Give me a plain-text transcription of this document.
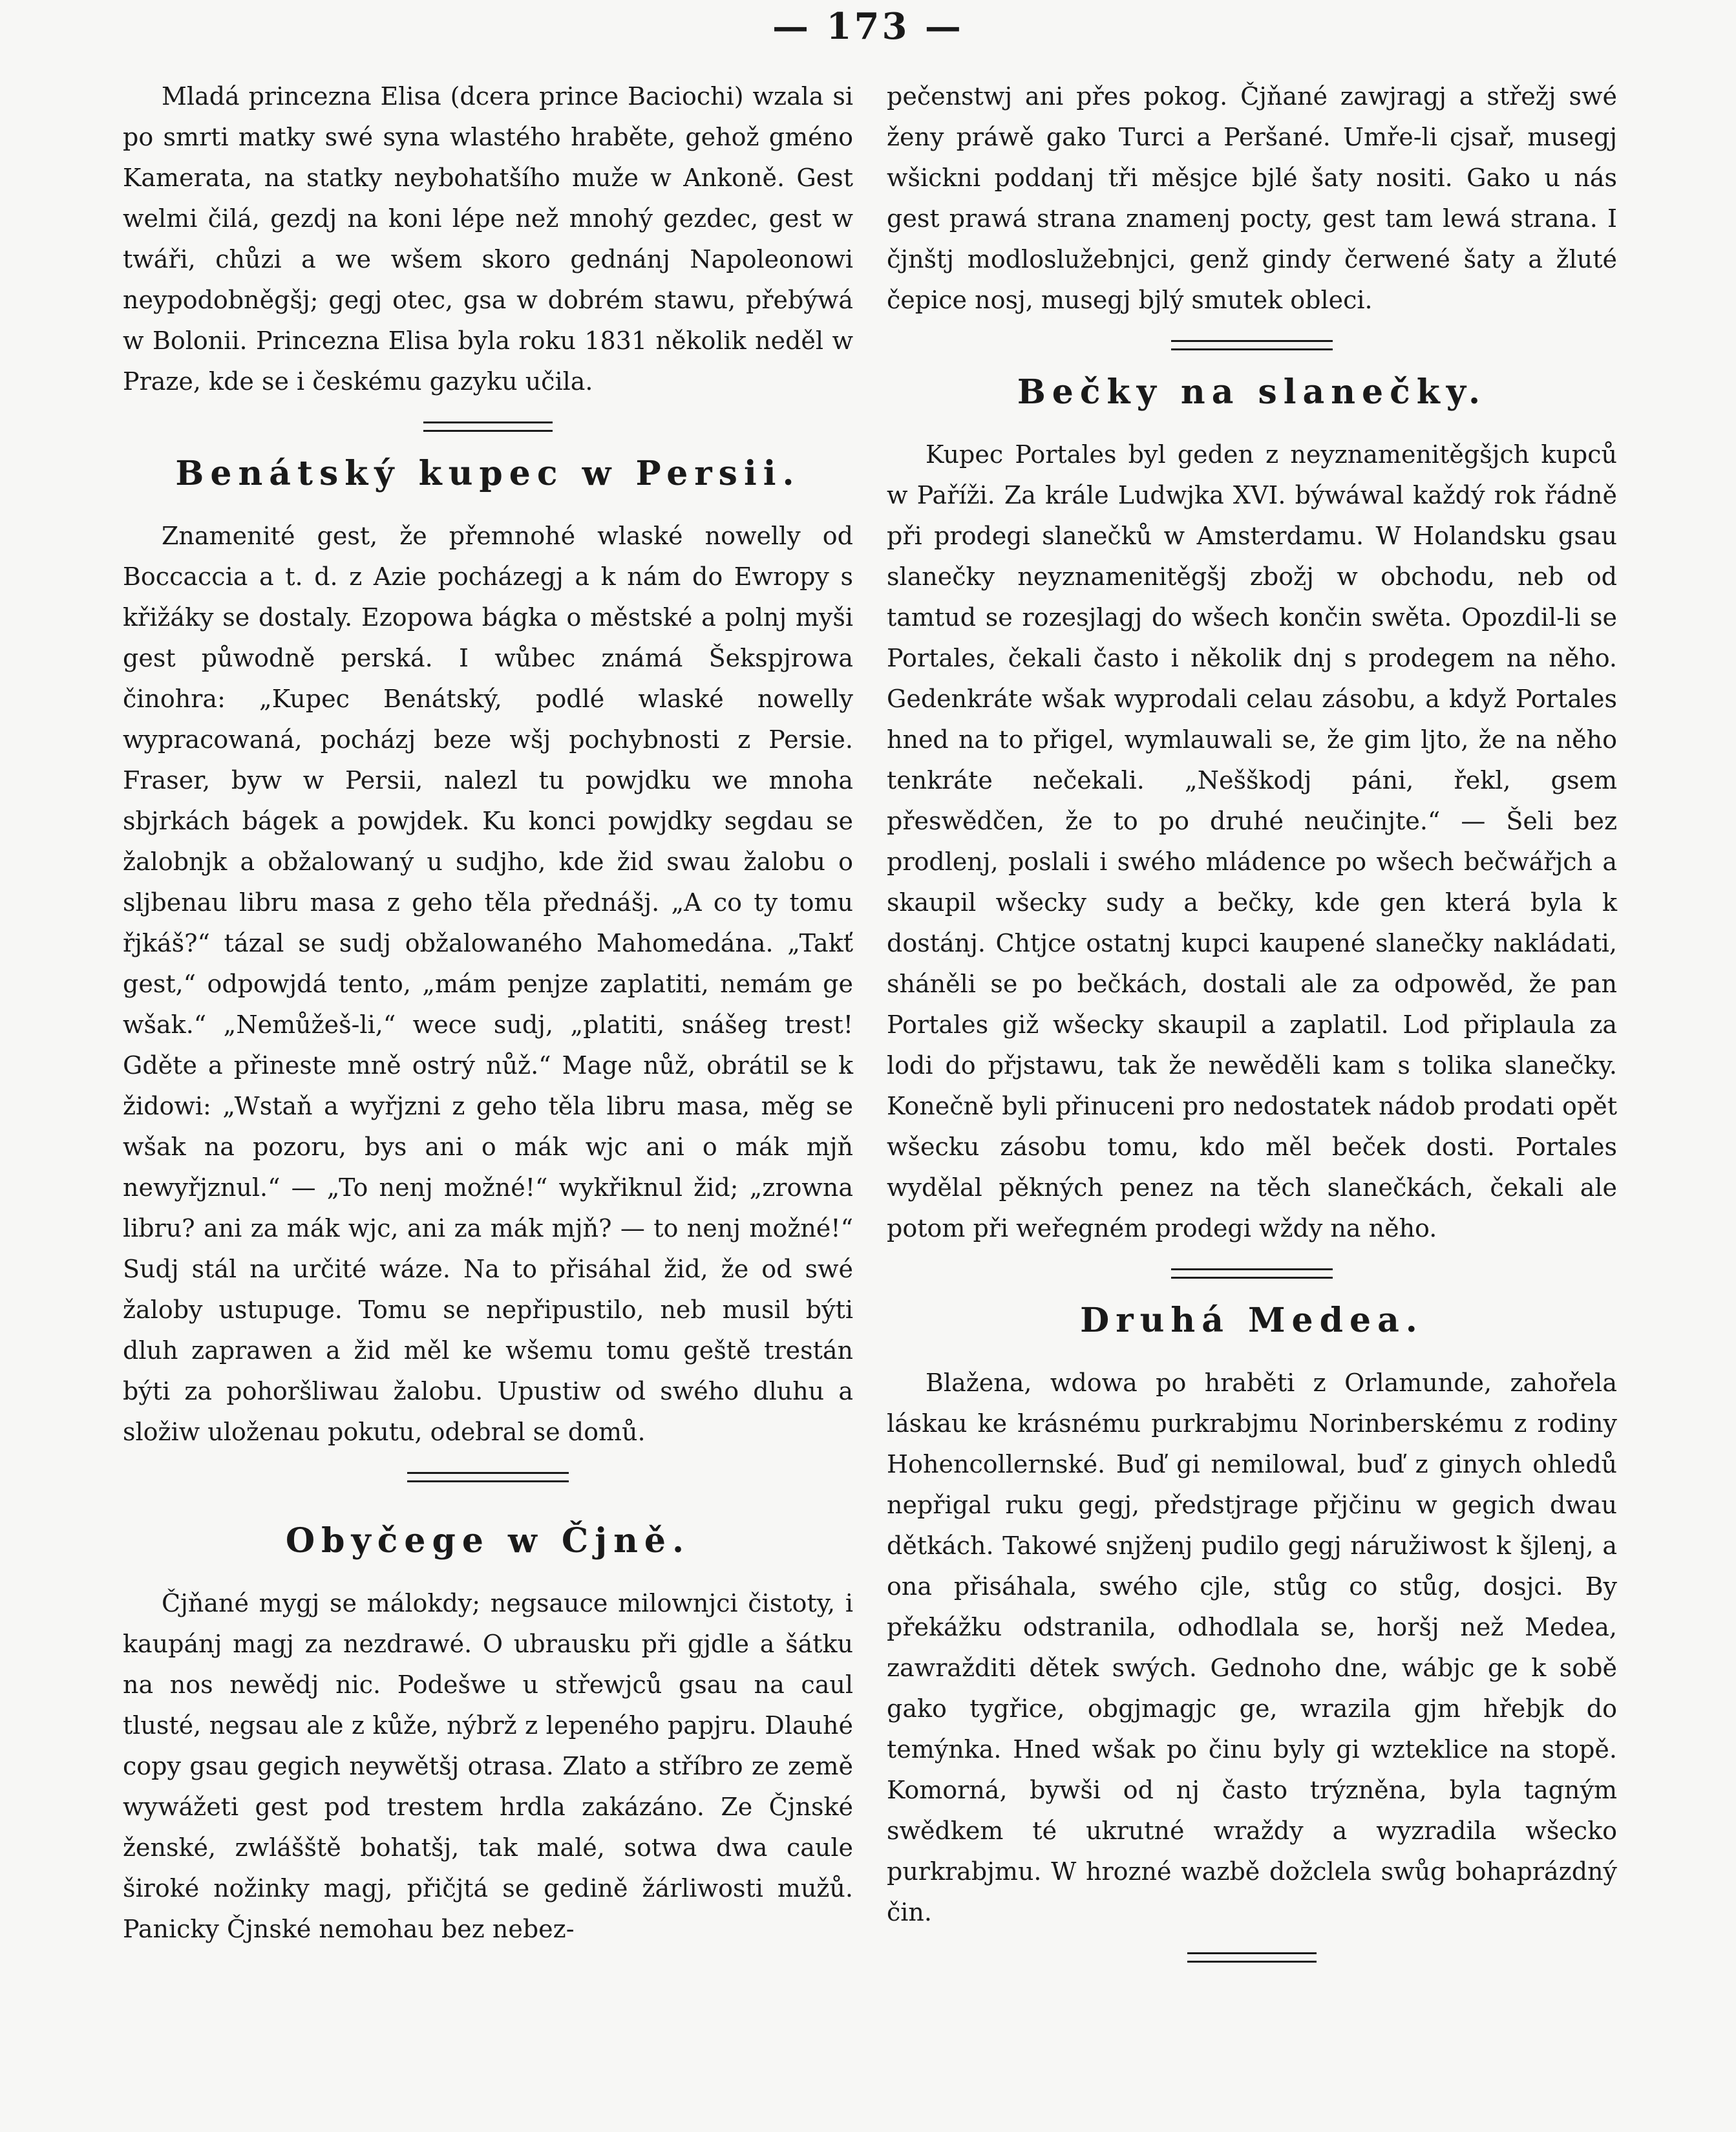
— 173 —

Mladá princezna Elisa (dcera prince Baciochi) wzala si po smrti matky swé syna wlastého hraběte, gehož gméno Kamerata, na statky neybohatšího muže w Ankoně. Gest welmi čilá, gezdj na koni lépe než mnohý gezdec, gest w twáři, chůzi a we wšem skoro gednánj Napoleonowi neypodobněgšj; gegj otec, gsa w dobrém stawu, přebýwá w Bolonii. Princezna Elisa byla roku 1831 několik neděl w Praze, kde se i českému gazyku učila.

Benátský kupec w Persii.

Znamenité gest, že přemnohé wlaské nowelly od Boccaccia a t. d. z Azie pocházegj a k nám do Ewropy s křižáky se dostaly. Ezopowa bágka o městské a polnj myši gest půwodně perská. I wůbec známá Šekspjrowa činohra: „Kupec Benátský, podlé wlaské nowelly wypracowaná, pocházj beze wšj pochybnosti z Persie. Fraser, byw w Persii, nalezl tu powjdku we mnoha sbjrkách bágek a powjdek. Ku konci powjdky segdau se žalobnjk a obžalowaný u sudjho, kde žid swau žalobu o sljbenau libru masa z geho těla přednášj. „A co ty tomu řjkáš?“ tázal se sudj obžalowaného Mahomedána. „Takť gest,“ odpowjdá tento, „mám penjze zaplatiti, nemám ge wšak.“ „Nemůžeš-li,“ wece sudj, „platiti, snášeg trest! Gděte a přineste mně ostrý nůž.“ Mage nůž, obrátil se k židowi: „Wstaň a wyřjzni z geho těla libru masa, měg se wšak na pozoru, bys ani o mák wjc ani o mák mjň newyřjznul.“ — „To nenj možné!“ wykřiknul žid; „zrowna libru? ani za mák wjc, ani za mák mjň? — to nenj možné!“ Sudj stál na určité wáze. Na to přisáhal žid, že od swé žaloby ustupuge. Tomu se nepřipustilo, neb musil býti dluh zaprawen a žid měl ke wšemu tomu geště trestán býti za pohoršliwau žalobu. Upustiw od swého dluhu a složiw uloženau pokutu, odebral se domů.

Obyčege w Čjně.

Čjňané mygj se málokdy; negsauce milownjci čistoty, i kaupánj magj za nezdrawé. O ubrausku při gjdle a šátku na nos newědj nic. Podešwe u střewjců gsau na caul tlusté, negsau ale z kůže, nýbrž z lepeného papjru. Dlauhé copy gsau gegich neywětšj otrasa. Zlato a stříbro ze země wywážeti gest pod trestem hrdla zakázáno. Ze Čjnské ženské, zwlášště bohatšj, tak malé, sotwa dwa caule široké nožinky magj, přičjtá se gedině žárliwosti mužů. Panicky Čjnské nemohau bez nebez-

pečenstwj ani přes pokog. Čjňané zawjragj a střežj swé ženy práwě gako Turci a Peršané. Umře-li cjsař, musegj wšickni poddanj tři měsjce bjlé šaty nositi. Gako u nás gest prawá strana znamenj pocty, gest tam lewá strana. I čjnštj modloslužebnjci, genž gindy čerwené šaty a žluté čepice nosj, musegj bjlý smutek obleci.

Bečky na slanečky.

Kupec Portales byl geden z neyznamenitěgšjch kupců w Paříži. Za krále Ludwjka XVI. býwáwal každý rok řádně při prodegi slanečků w Amsterdamu. W Holandsku gsau slanečky neyznamenitěgšj zbožj w obchodu, neb od tamtud se rozesjlagj do wšech končin swěta. Opozdil-li se Portales, čekali často i několik dnj s prodegem na něho. Gedenkráte wšak wyprodali celau zásobu, a když Portales hned na to přigel, wymlauwali se, že gim ljto, že na něho tenkráte nečekali. „Nešškodj páni, řekl, gsem přeswědčen, že to po druhé neučinjte.“ — Šeli bez prodlenj, poslali i swého mládence po wšech bečwářjch a skaupil wšecky sudy a bečky, kde gen která byla k dostánj. Chtjce ostatnj kupci kaupené slanečky nakládati, sháněli se po bečkách, dostali ale za odpowěd, že pan Portales giž wšecky skaupil a zaplatil. Lod připlaula za lodi do přjstawu, tak že newěděli kam s tolika slanečky. Konečně byli přinuceni pro nedostatek nádob prodati opět wšecku zásobu tomu, kdo měl beček dosti. Portales wydělal pěkných penez na těch slanečkách, čekali ale potom při weřegném prodegi wždy na něho.

Druhá Medea.

Blažena, wdowa po hraběti z Orlamunde, zahořela láskau ke krásnému purkrabjmu Norinberskému z rodiny Hohencollernské. Buď gi nemilowal, buď z ginych ohledů nepřigal ruku gegj, předstjrage přjčinu w gegich dwau dětkách. Takowé snjženj pudilo gegj náružiwost k šjlenj, a ona přisáhala, swého cjle, stůg co stůg, dosjci. By překážku odstranila, odhodlala se, horšj než Medea, zawražditi dětek swých. Gednoho dne, wábjc ge k sobě gako tygřice, obgjmagjc ge, wrazila gjm hřebjk do temýnka. Hned wšak po činu byly gi wzteklice na stopě. Komorná, bywši od nj často trýzněna, byla tagným swědkem té ukrutné wraždy a wyzradila wšecko purkrabjmu. W hrozné wazbě dožclela swůg bohaprázdný čin.
